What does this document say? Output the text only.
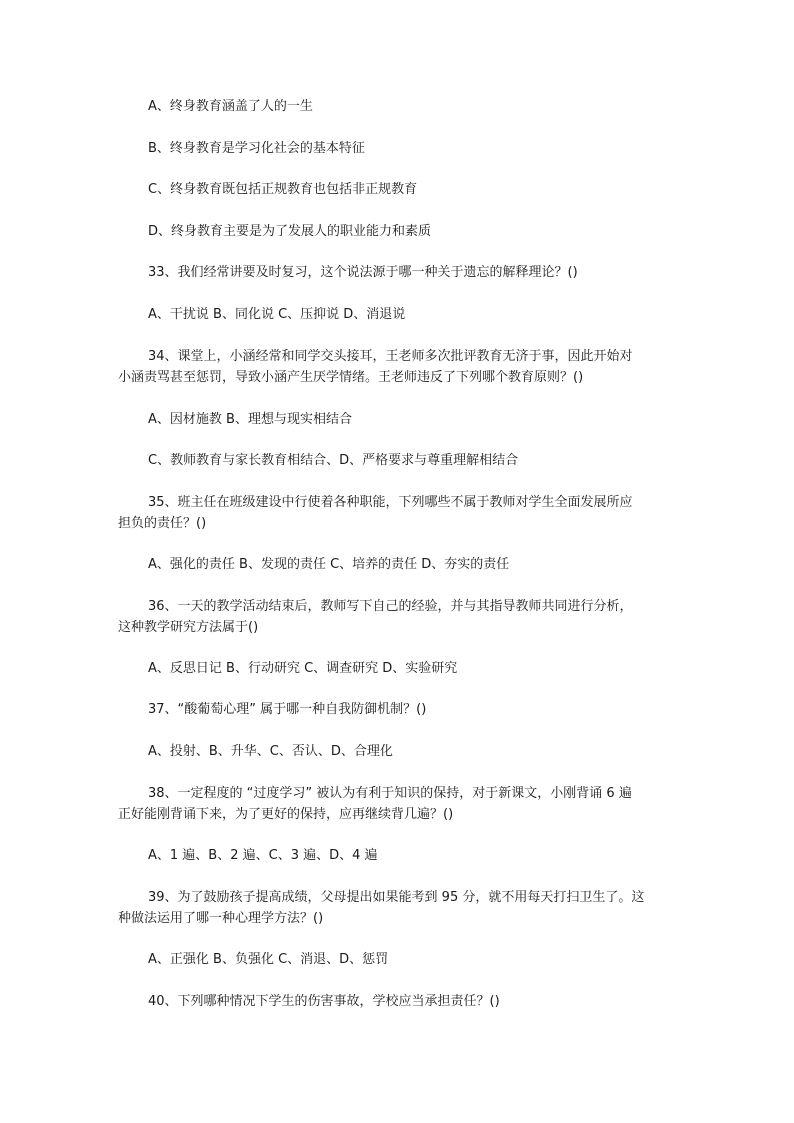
A、终身教育涵盖了人的一生
B、终身教育是学习化社会的基本特征
C、终身教育既包括正规教育也包括非正规教育
D、终身教育主要是为了发展人的职业能力和素质
33、我们经常讲要及时复习，这个说法源于哪一种关于遗忘的解释理论？()
A、干扰说 B、同化说 C、压抑说 D、消退说
34、课堂上，小涵经常和同学交头接耳，王老师多次批评教育无济于事，因此开始对
小涵责骂甚至惩罚，导致小涵产生厌学情绪。王老师违反了下列哪个教育原则？()
A、因材施教 B、理想与现实相结合
C、教师教育与家长教育相结合、D、严格要求与尊重理解相结合
35、班主任在班级建设中行使着各种职能，下列哪些不属于教师对学生全面发展所应
担负的责任？()
A、强化的责任 B、发现的责任 C、培养的责任 D、夯实的责任
36、一天的教学活动结束后，教师写下自己的经验，并与其指导教师共同进行分析，
这种教学研究方法属于()
A、反思日记 B、行动研究 C、调查研究 D、实验研究
37、“酸葡萄心理” 属于哪一种自我防御机制？()
A、投射、B、升华、C、否认、D、合理化
38、一定程度的 “过度学习” 被认为有利于知识的保持，对于新课文，小刚背诵 6 遍
正好能刚背诵下来，为了更好的保持，应再继续背几遍？()
A、1 遍、B、2 遍、C、3 遍、D、4 遍
39、为了鼓励孩子提高成绩，父母提出如果能考到 95 分，就不用每天打扫卫生了。这
种做法运用了哪一种心理学方法？()
A、正强化 B、负强化 C、消退、D、惩罚
40、下列哪种情况下学生的伤害事故，学校应当承担责任？()
